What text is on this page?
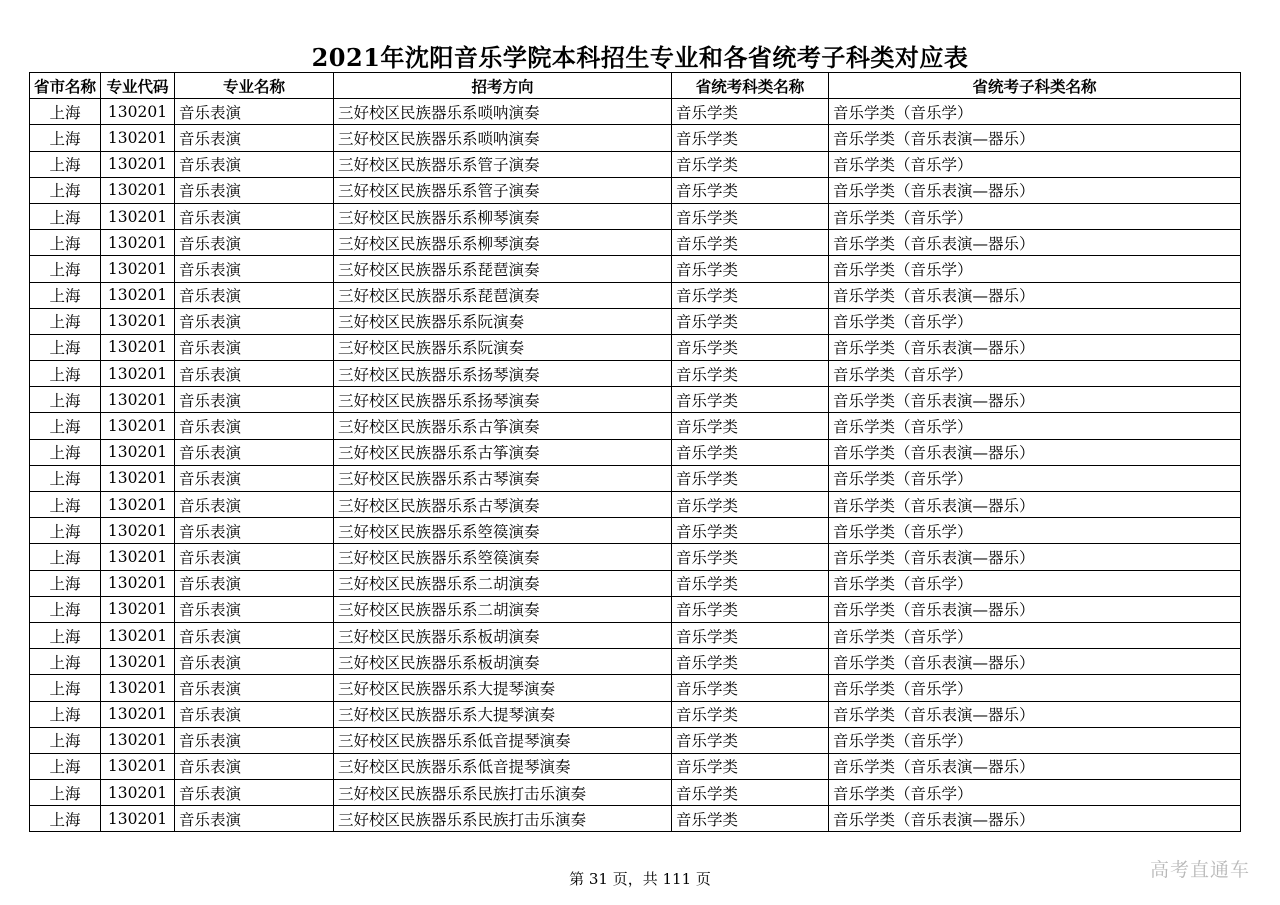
2021年沈阳音乐学院本科招生专业和各省统考子科类对应表
省市名称	专业代码	专业名称	招考方向	省统考科类名称	省统考子科类名称
上海	130201	音乐表演	三好校区民族器乐系唢呐演奏	音乐学类	音乐学类（音乐学）
上海	130201	音乐表演	三好校区民族器乐系唢呐演奏	音乐学类	音乐学类（音乐表演—器乐）
上海	130201	音乐表演	三好校区民族器乐系管子演奏	音乐学类	音乐学类（音乐学）
上海	130201	音乐表演	三好校区民族器乐系管子演奏	音乐学类	音乐学类（音乐表演—器乐）
上海	130201	音乐表演	三好校区民族器乐系柳琴演奏	音乐学类	音乐学类（音乐学）
上海	130201	音乐表演	三好校区民族器乐系柳琴演奏	音乐学类	音乐学类（音乐表演—器乐）
上海	130201	音乐表演	三好校区民族器乐系琵琶演奏	音乐学类	音乐学类（音乐学）
上海	130201	音乐表演	三好校区民族器乐系琵琶演奏	音乐学类	音乐学类（音乐表演—器乐）
上海	130201	音乐表演	三好校区民族器乐系阮演奏	音乐学类	音乐学类（音乐学）
上海	130201	音乐表演	三好校区民族器乐系阮演奏	音乐学类	音乐学类（音乐表演—器乐）
上海	130201	音乐表演	三好校区民族器乐系扬琴演奏	音乐学类	音乐学类（音乐学）
上海	130201	音乐表演	三好校区民族器乐系扬琴演奏	音乐学类	音乐学类（音乐表演—器乐）
上海	130201	音乐表演	三好校区民族器乐系古筝演奏	音乐学类	音乐学类（音乐学）
上海	130201	音乐表演	三好校区民族器乐系古筝演奏	音乐学类	音乐学类（音乐表演—器乐）
上海	130201	音乐表演	三好校区民族器乐系古琴演奏	音乐学类	音乐学类（音乐学）
上海	130201	音乐表演	三好校区民族器乐系古琴演奏	音乐学类	音乐学类（音乐表演—器乐）
上海	130201	音乐表演	三好校区民族器乐系箜篌演奏	音乐学类	音乐学类（音乐学）
上海	130201	音乐表演	三好校区民族器乐系箜篌演奏	音乐学类	音乐学类（音乐表演—器乐）
上海	130201	音乐表演	三好校区民族器乐系二胡演奏	音乐学类	音乐学类（音乐学）
上海	130201	音乐表演	三好校区民族器乐系二胡演奏	音乐学类	音乐学类（音乐表演—器乐）
上海	130201	音乐表演	三好校区民族器乐系板胡演奏	音乐学类	音乐学类（音乐学）
上海	130201	音乐表演	三好校区民族器乐系板胡演奏	音乐学类	音乐学类（音乐表演—器乐）
上海	130201	音乐表演	三好校区民族器乐系大提琴演奏	音乐学类	音乐学类（音乐学）
上海	130201	音乐表演	三好校区民族器乐系大提琴演奏	音乐学类	音乐学类（音乐表演—器乐）
上海	130201	音乐表演	三好校区民族器乐系低音提琴演奏	音乐学类	音乐学类（音乐学）
上海	130201	音乐表演	三好校区民族器乐系低音提琴演奏	音乐学类	音乐学类（音乐表演—器乐）
上海	130201	音乐表演	三好校区民族器乐系民族打击乐演奏	音乐学类	音乐学类（音乐学）
上海	130201	音乐表演	三好校区民族器乐系民族打击乐演奏	音乐学类	音乐学类（音乐表演—器乐）
第 31 页，共 111 页	高考直通车
